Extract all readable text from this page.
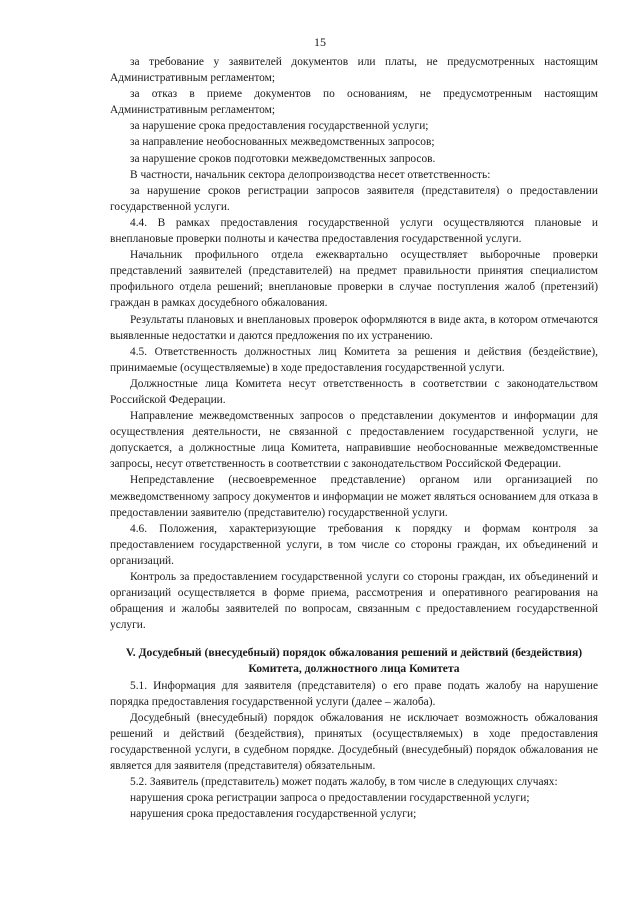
15

за требование у заявителей документов или платы, не предусмотренных настоящим Административным регламентом;

за отказ в приеме документов по основаниям, не предусмотренным настоящим Административным регламентом;

за нарушение срока предоставления государственной услуги;

за направление необоснованных межведомственных запросов;

за нарушение сроков подготовки межведомственных запросов.

В частности, начальник сектора делопроизводства несет ответственность:

за нарушение сроков регистрации запросов заявителя (представителя) о предоставлении государственной услуги.

4.4. В рамках предоставления государственной услуги осуществляются плановые и внеплановые проверки полноты и качества предоставления государственной услуги.

Начальник профильного отдела ежеквартально осуществляет выборочные проверки представлений заявителей (представителей) на предмет правильности принятия специалистом профильного отдела решений; внеплановые проверки в случае поступления жалоб (претензий) граждан в рамках досудебного обжалования.

Результаты плановых и внеплановых проверок оформляются в виде акта, в котором отмечаются выявленные недостатки и даются предложения по их устранению.

4.5. Ответственность должностных лиц Комитета за решения и действия (бездействие), принимаемые (осуществляемые) в ходе предоставления государственной услуги.

Должностные лица Комитета несут ответственность в соответствии с законодательством Российской Федерации.

Направление межведомственных запросов о представлении документов и информации для осуществления деятельности, не связанной с предоставлением государственной услуги, не допускается, а должностные лица Комитета, направившие необоснованные межведомственные запросы, несут ответственность в соответствии с законодательством Российской Федерации.

Непредставление (несвоевременное представление) органом или организацией по межведомственному запросу документов и информации не может являться основанием для отказа в предоставлении заявителю (представителю) государственной услуги.

4.6. Положения, характеризующие требования к порядку и формам контроля за предоставлением государственной услуги, в том числе со стороны граждан, их объединений и организаций.

Контроль за предоставлением государственной услуги со стороны граждан, их объединений и организаций осуществляется в форме приема, рассмотрения и оперативного реагирования на обращения и жалобы заявителей по вопросам, связанным с предоставлением государственной услуги.

V. Досудебный (внесудебный) порядок обжалования решений и действий (бездействия) Комитета, должностного лица Комитета

5.1. Информация для заявителя (представителя) о его праве подать жалобу на нарушение порядка предоставления государственной услуги (далее – жалоба).

Досудебный (внесудебный) порядок обжалования не исключает возможность обжалования решений и действий (бездействия), принятых (осуществляемых) в ходе предоставления государственной услуги, в судебном порядке. Досудебный (внесудебный) порядок обжалования не является для заявителя (представителя) обязательным.

5.2. Заявитель (представитель) может подать жалобу, в том числе в следующих случаях:

нарушения срока регистрации запроса о предоставлении государственной услуги;

нарушения срока предоставления государственной услуги;
